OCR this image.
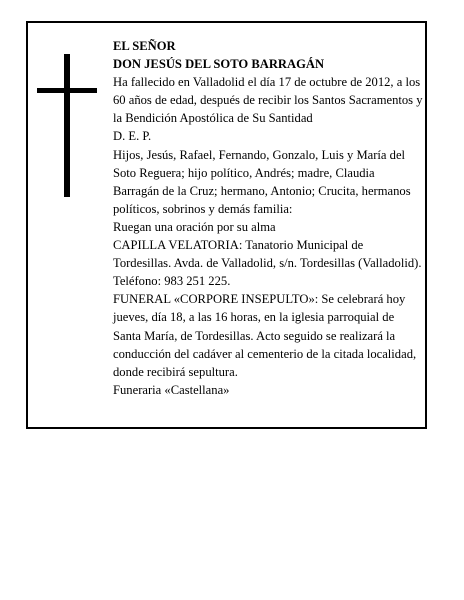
EL SEÑOR

DON JESÚS DEL SOTO BARRAGÁN

Ha fallecido en Valladolid el día 17 de octubre de 2012, a los 60 años de edad, después de recibir los Santos Sacramentos y la Bendición Apostólica de Su Santidad

D. E. P.

Hijos, Jesús, Rafael, Fernando, Gonzalo, Luis y María del Soto Reguera; hijo político, Andrés; madre, Claudia Barragán de la Cruz; hermano, Antonio; Crucita, hermanos políticos, sobrinos y demás familia:

Ruegan una oración por su alma

CAPILLA VELATORIA: Tanatorio Municipal de Tordesillas. Avda. de Valladolid, s/n. Tordesillas (Valladolid). Teléfono: 983 251 225.

FUNERAL «CORPORE INSEPULTO»: Se celebrará hoy jueves, día 18, a las 16 horas, en la iglesia parroquial de Santa María, de Tordesillas. Acto seguido se realizará la conducción del cadáver al cementerio de la citada localidad, donde recibirá sepultura.

Funeraria «Castellana»
